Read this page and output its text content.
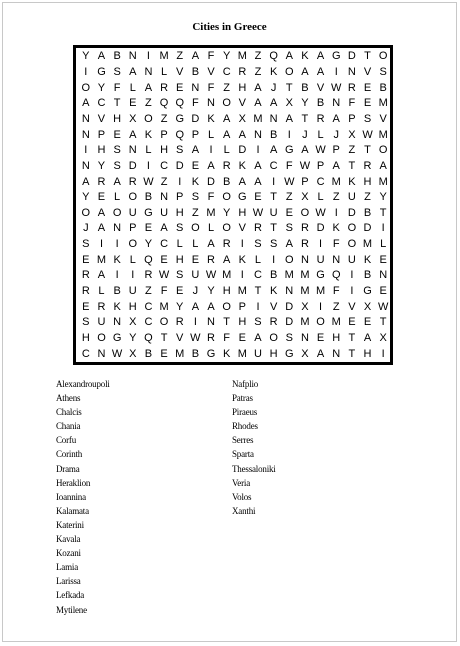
Cities in Greece
Y A B N I M Z A F Y M Z Q A K A G D T O
I G S A N L V B V C R Z K O A A I N V S
O Y F L A R E N F Z H A J T B V W R E B
A C T E Z Q Q F N O V A A X Y B N F E M
N V H X O Z G D K A X M N A T R A P S V
N P E A K P Q P L A A N B I	J L J X W M
I H S N L H S A I	L D I A G A W P Z T O
N Y S D I C D E A R K A C F W P A T R A
A R A R W Z I K D B A A I W P C M K H M
Y E L O B N P S F O G E T Z X L Z U Z Y
O A O U G U H Z M Y H W U E O W I D B T
J A N P E A S O L O V R T S R D K O D I
S I	I O Y C L L A R I S S A R I F O M L
E M K L Q E H E R A K L	I O N U N U K E
R A I	I R W S U W M I C B M M G Q I B N
R L B U Z F E J Y H M T K N M M F I G E
E R K H C M Y A A O P I V D X I Z V X W
S U N X C O R I N T H S R D M O M E E T
H O G Y Q T V W R F E A O S N E H T A X
C N W X B E M B G K M U H G X A N T H I
Alexandroupoli
Athens
Chalcis
Chania
Corfu
Corinth
Drama
Heraklion
Ioannina
Kalamata
Katerini
Kavala
Kozani
Lamia
Larissa
Lefkada
Mytilene
Nafplio
Patras
Piraeus
Rhodes
Serres
Sparta
Thessaloniki
Veria
Volos
Xanthi
